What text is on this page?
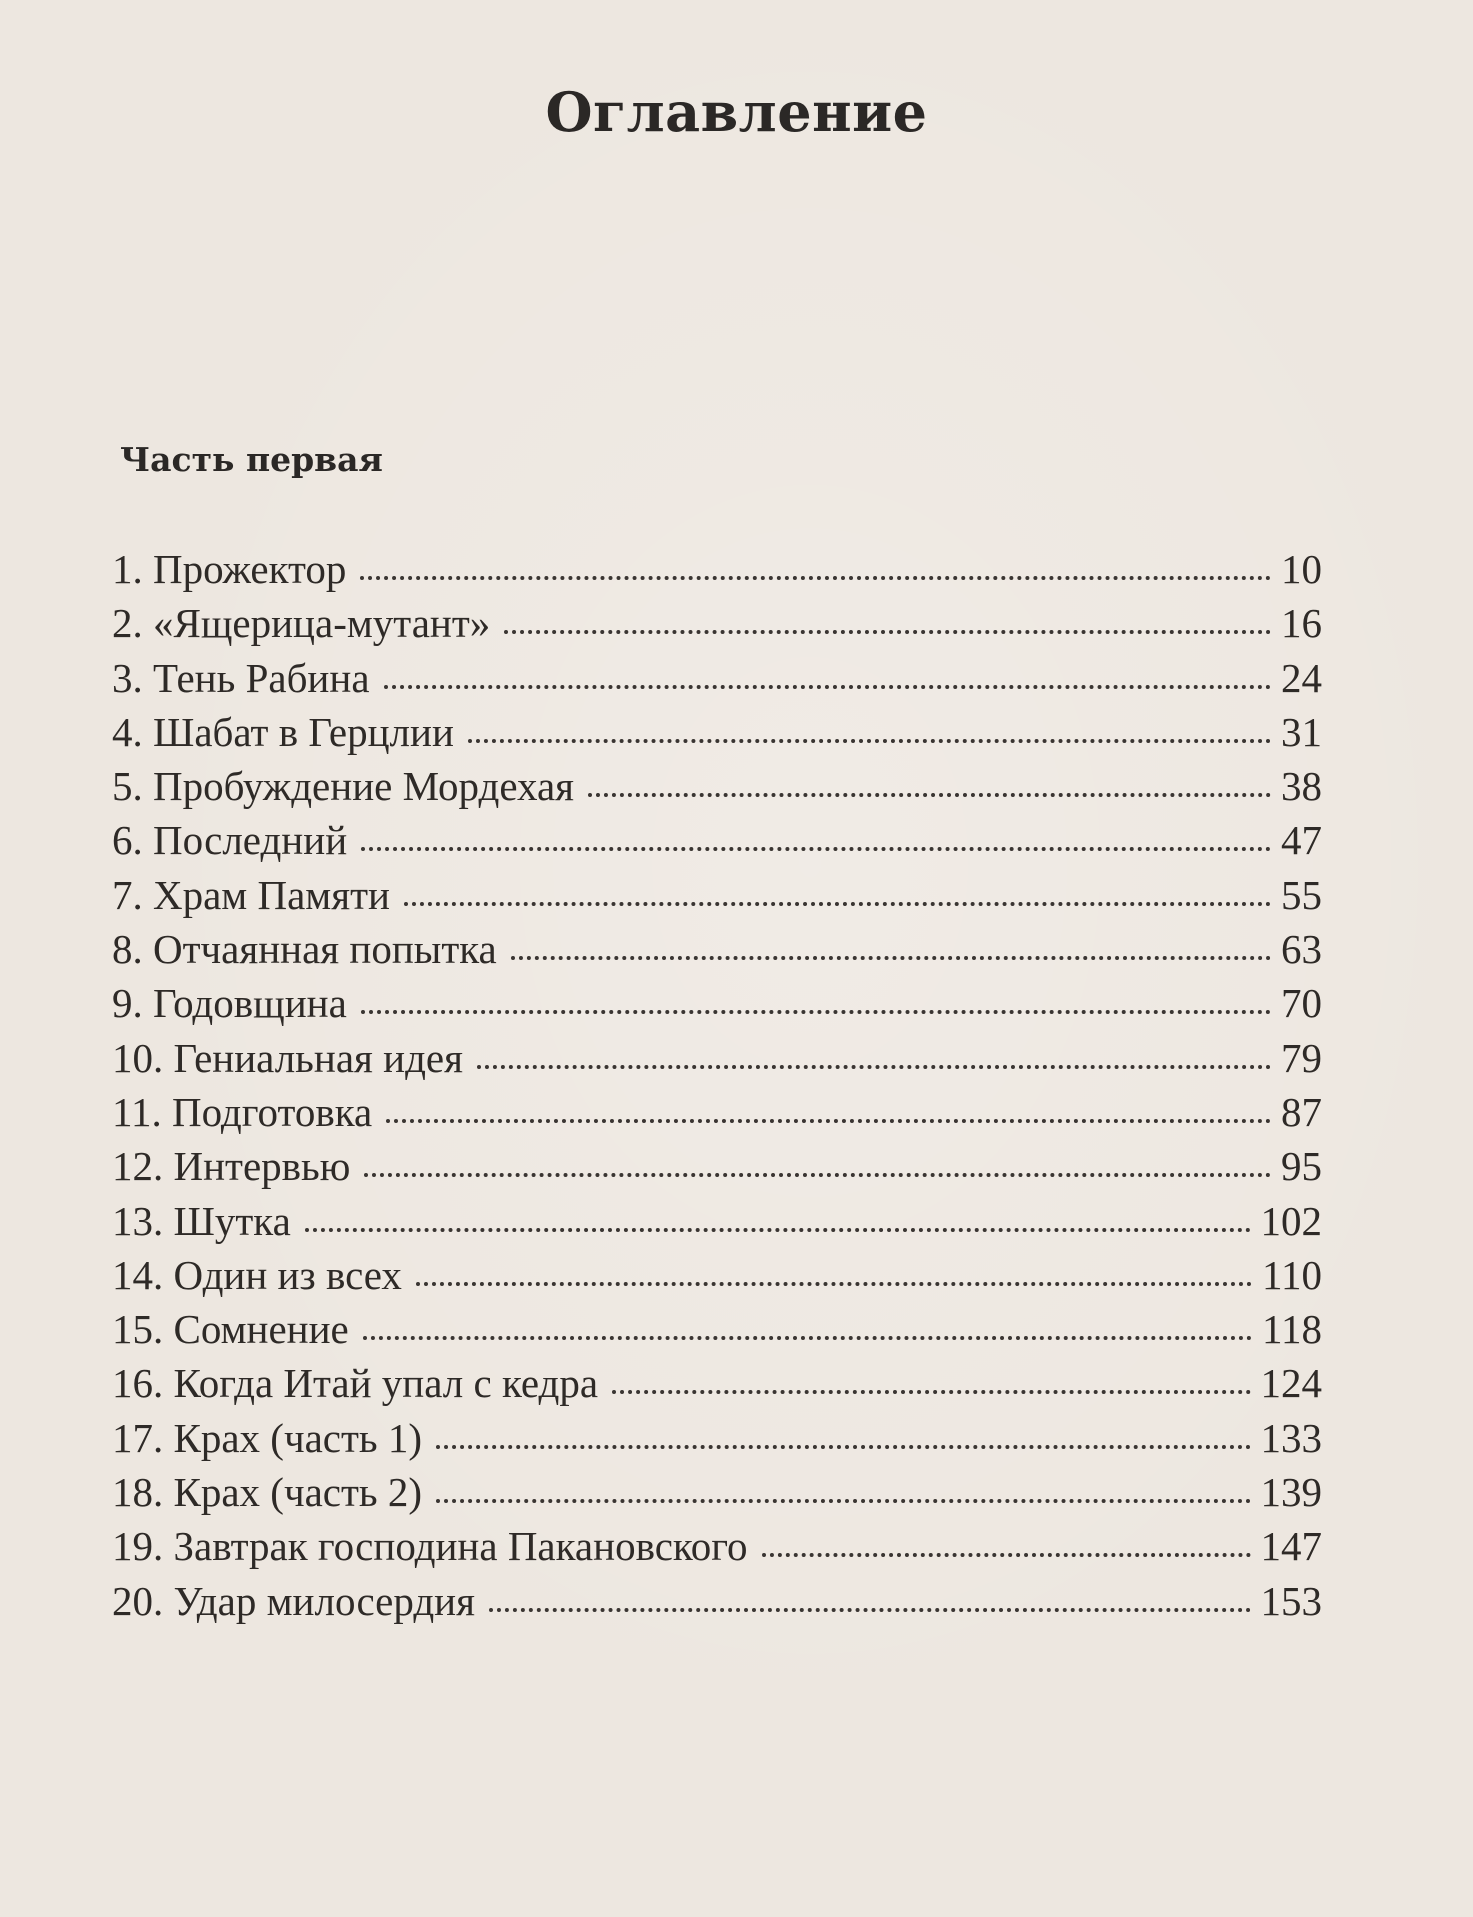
Оглавление
Часть первая
1. Прожектор	10
2. «Ящерица-мутант»	16
3. Тень Рабина	24
4. Шабат в Герцлии	31
5. Пробуждение Мордехая	38
6. Последний	47
7. Храм Памяти	55
8. Отчаянная попытка	63
9. Годовщина	70
10. Гениальная идея	79
11. Подготовка	87
12. Интервью	95
13. Шутка	102
14. Один из всех	110
15. Сомнение	118
16. Когда Итай упал с кедра	124
17. Крах (часть 1)	133
18. Крах (часть 2)	139
19. Завтрак господина Пакановского	147
20. Удар милосердия	153
